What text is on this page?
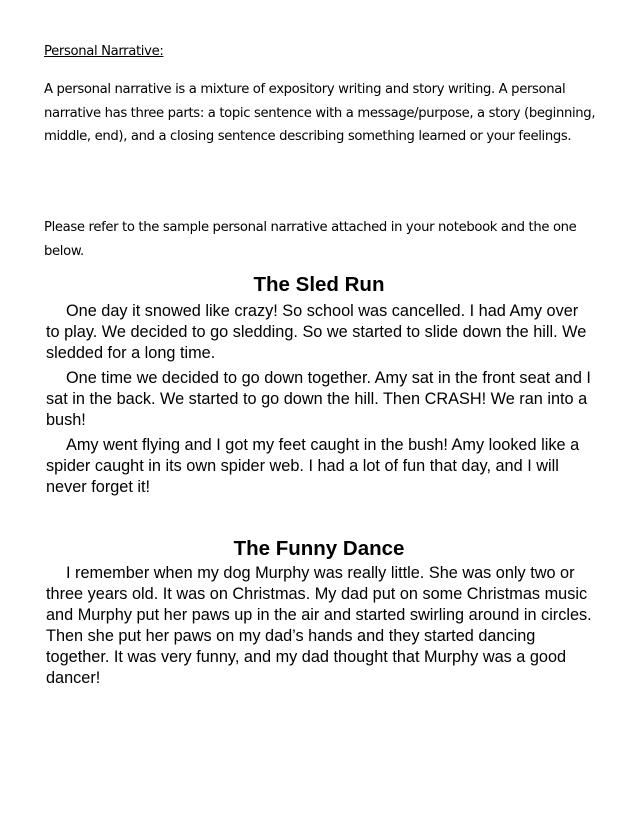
Personal Narrative:
A personal narrative is a mixture of expository writing and story writing. A personal narrative has three parts: a topic sentence with a message/purpose, a story (beginning, middle, end), and a closing sentence describing something learned or your feelings.
Please refer to the sample personal narrative attached in your notebook and the one below.
The Sled Run

One day it snowed like crazy! So school was cancelled. I had Amy over to play. We decided to go sledding. So we started to slide down the hill. We sledded for a long time.

One time we decided to go down together. Amy sat in the front seat and I sat in the back. We started to go down the hill. Then CRASH! We ran into a bush!

Amy went flying and I got my feet caught in the bush! Amy looked like a spider caught in its own spider web. I had a lot of fun that day, and I will never forget it!

The Funny Dance

I remember when my dog Murphy was really little. She was only two or three years old. It was on Christmas. My dad put on some Christmas music and Murphy put her paws up in the air and started swirling around in circles. Then she put her paws on my dad’s hands and they started dancing together. It was very funny, and my dad thought that Murphy was a good dancer!
